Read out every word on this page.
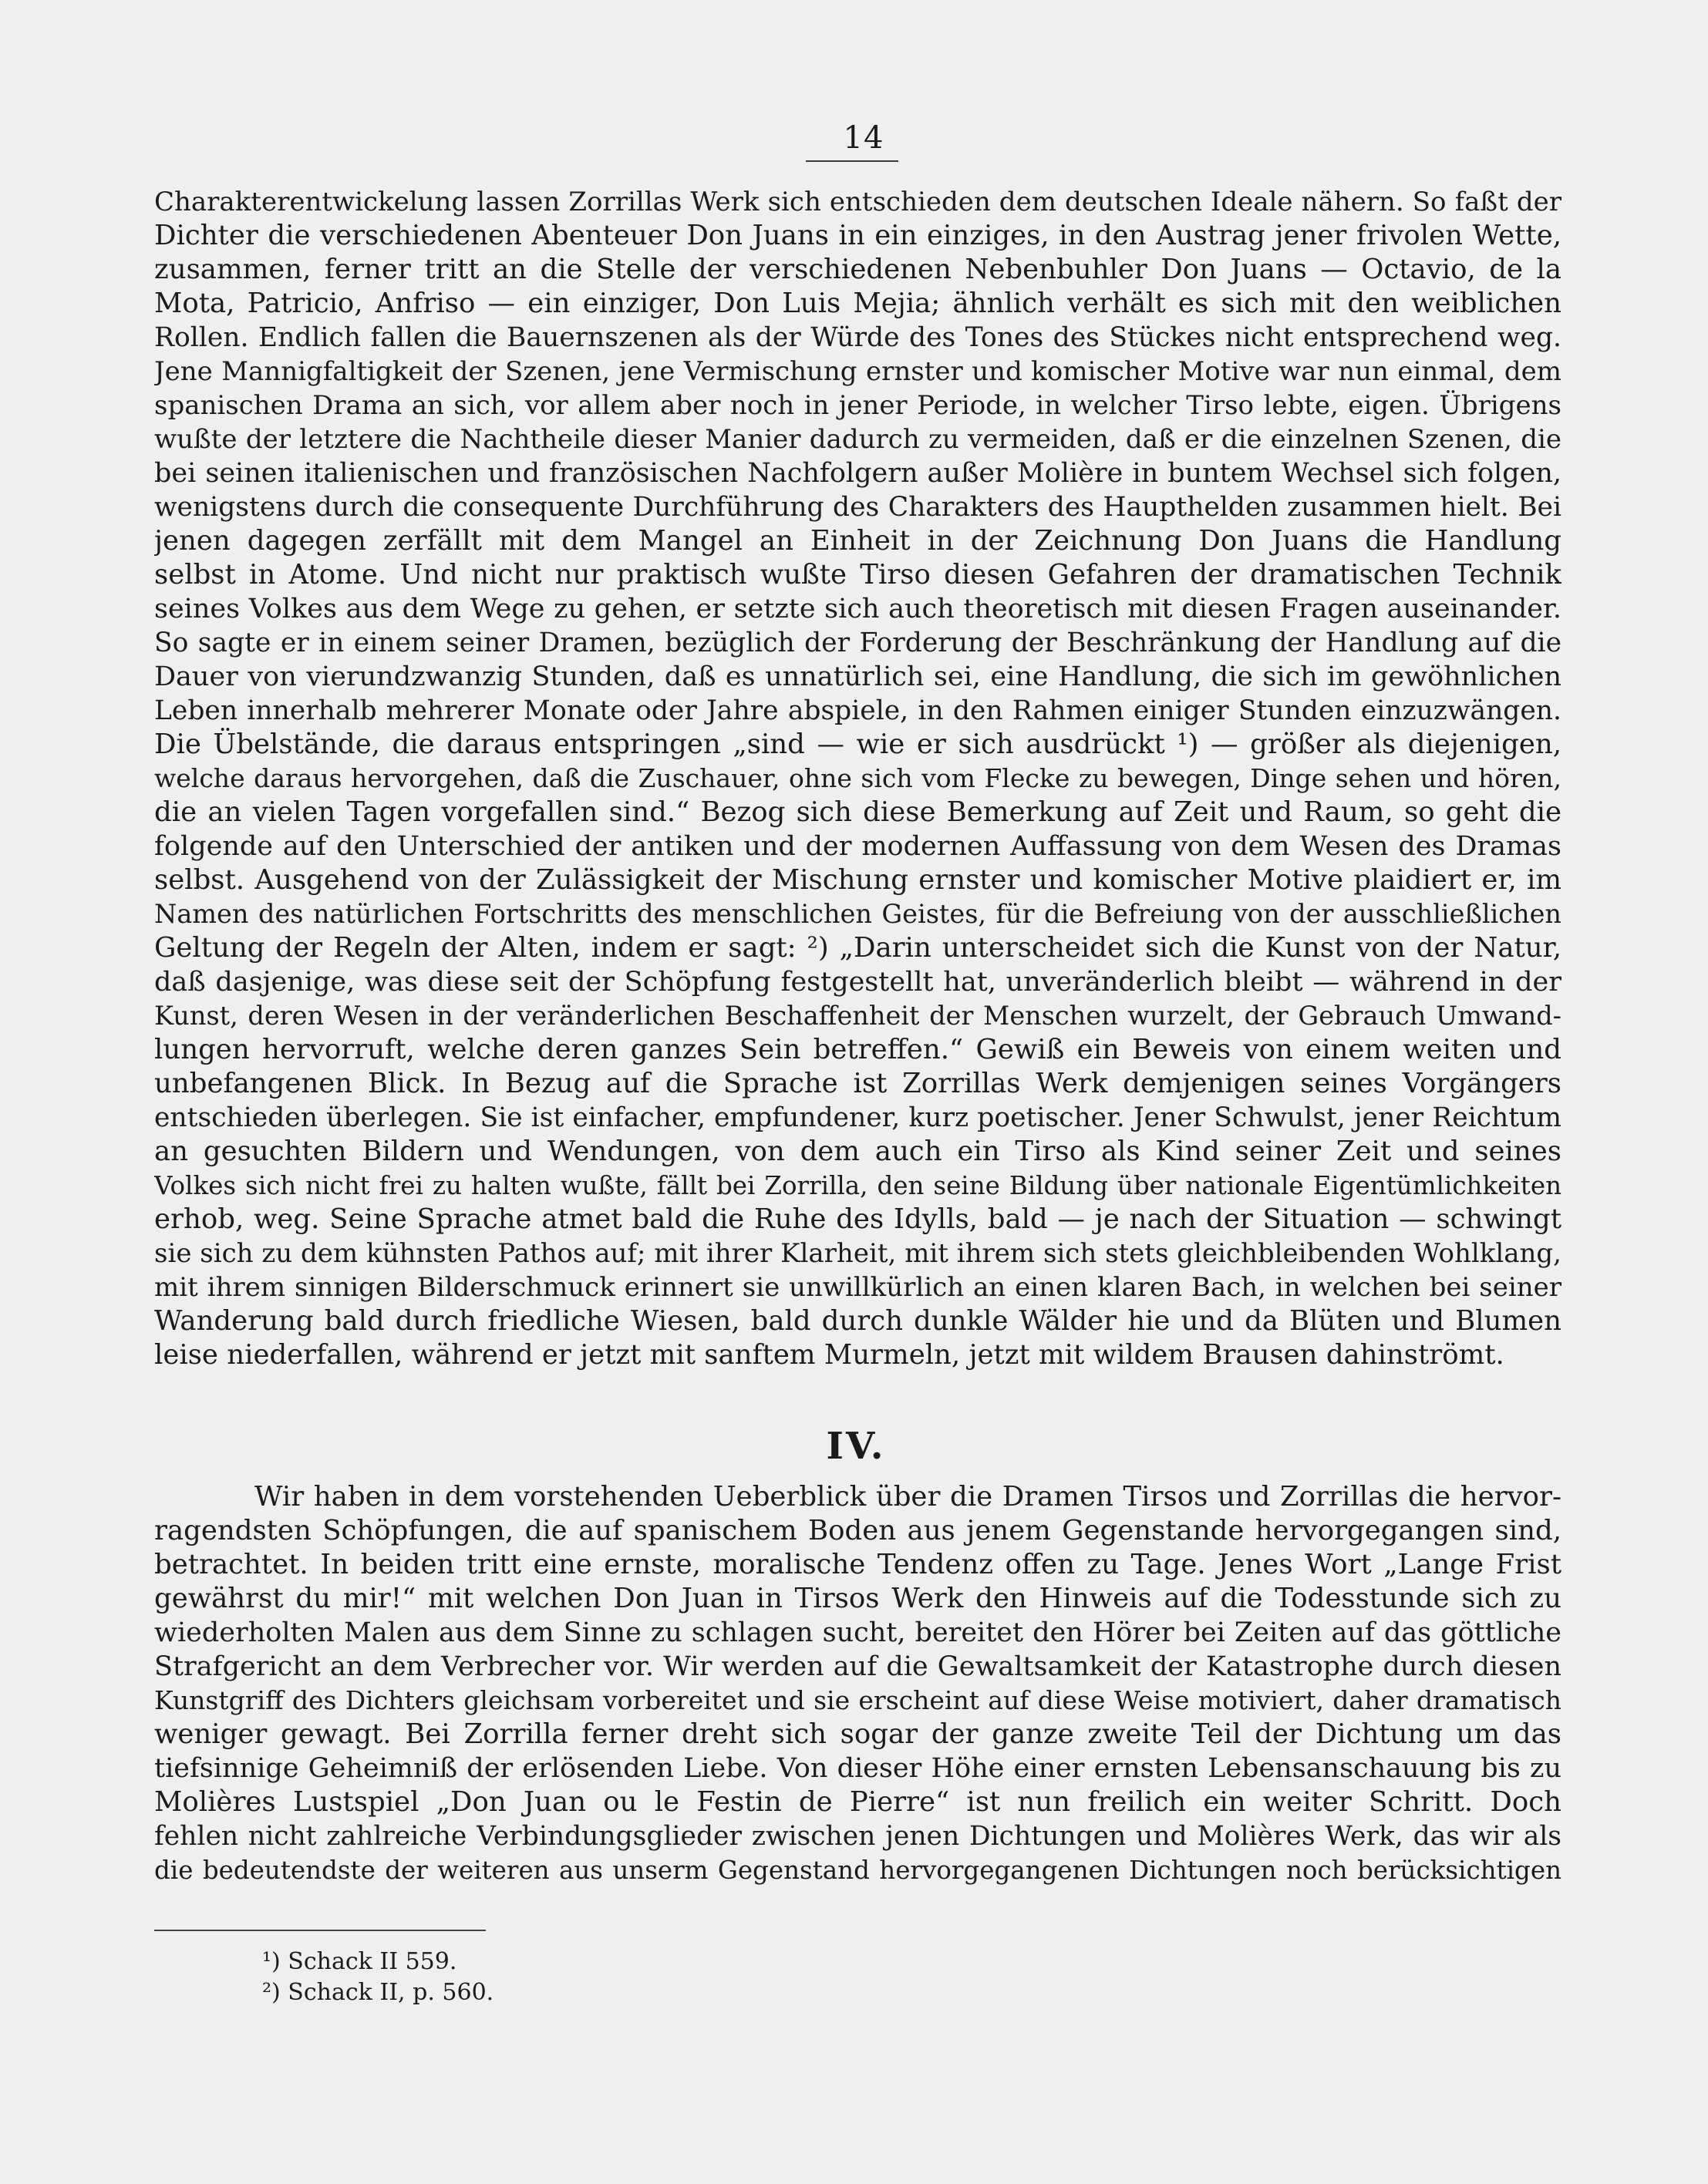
14
Charakterentwickelung lassen Zorrillas Werk sich entschieden dem deutschen Ideale nähern. So faßt der
Dichter die verschiedenen Abenteuer Don Juans in ein einziges, in den Austrag jener frivolen Wette,
zusammen, ferner tritt an die Stelle der verschiedenen Nebenbuhler Don Juans — Octavio, de la
Mota, Patricio, Anfriso — ein einziger, Don Luis Mejia; ähnlich verhält es sich mit den weiblichen
Rollen. Endlich fallen die Bauernszenen als der Würde des Tones des Stückes nicht entsprechend weg.
Jene Mannigfaltigkeit der Szenen, jene Vermischung ernster und komischer Motive war nun einmal, dem
spanischen Drama an sich, vor allem aber noch in jener Periode, in welcher Tirso lebte, eigen. Übrigens
wußte der letztere die Nachtheile dieser Manier dadurch zu vermeiden, daß er die einzelnen Szenen, die
bei seinen italienischen und französischen Nachfolgern außer Molière in buntem Wechsel sich folgen,
wenigstens durch die consequente Durchführung des Charakters des Haupthelden zusammen hielt. Bei
jenen dagegen zerfällt mit dem Mangel an Einheit in der Zeichnung Don Juans die Handlung
selbst in Atome. Und nicht nur praktisch wußte Tirso diesen Gefahren der dramatischen Technik
seines Volkes aus dem Wege zu gehen, er setzte sich auch theoretisch mit diesen Fragen auseinander.
So sagte er in einem seiner Dramen, bezüglich der Forderung der Beschränkung der Handlung auf die
Dauer von vierundzwanzig Stunden, daß es unnatürlich sei, eine Handlung, die sich im gewöhnlichen
Leben innerhalb mehrerer Monate oder Jahre abspiele, in den Rahmen einiger Stunden einzuzwängen.
Die Übelstände, die daraus entspringen „sind — wie er sich ausdrückt ¹) — größer als diejenigen,
welche daraus hervorgehen, daß die Zuschauer, ohne sich vom Flecke zu bewegen, Dinge sehen und hören,
die an vielen Tagen vorgefallen sind.“ Bezog sich diese Bemerkung auf Zeit und Raum, so geht die
folgende auf den Unterschied der antiken und der modernen Auffassung von dem Wesen des Dramas
selbst. Ausgehend von der Zulässigkeit der Mischung ernster und komischer Motive plaidiert er, im
Namen des natürlichen Fortschritts des menschlichen Geistes, für die Befreiung von der ausschließlichen
Geltung der Regeln der Alten, indem er sagt: ²) „Darin unterscheidet sich die Kunst von der Natur,
daß dasjenige, was diese seit der Schöpfung festgestellt hat, unveränderlich bleibt — während in der
Kunst, deren Wesen in der veränderlichen Beschaffenheit der Menschen wurzelt, der Gebrauch Umwand-
lungen hervorruft, welche deren ganzes Sein betreffen.“ Gewiß ein Beweis von einem weiten und
unbefangenen Blick. In Bezug auf die Sprache ist Zorrillas Werk demjenigen seines Vorgängers
entschieden überlegen. Sie ist einfacher, empfundener, kurz poetischer. Jener Schwulst, jener Reichtum
an gesuchten Bildern und Wendungen, von dem auch ein Tirso als Kind seiner Zeit und seines
Volkes sich nicht frei zu halten wußte, fällt bei Zorrilla, den seine Bildung über nationale Eigentümlichkeiten
erhob, weg. Seine Sprache atmet bald die Ruhe des Idylls, bald — je nach der Situation — schwingt
sie sich zu dem kühnsten Pathos auf; mit ihrer Klarheit, mit ihrem sich stets gleichbleibenden Wohlklang,
mit ihrem sinnigen Bilderschmuck erinnert sie unwillkürlich an einen klaren Bach, in welchen bei seiner
Wanderung bald durch friedliche Wiesen, bald durch dunkle Wälder hie und da Blüten und Blumen
leise niederfallen, während er jetzt mit sanftem Murmeln, jetzt mit wildem Brausen dahinströmt.
IV.
Wir haben in dem vorstehenden Ueberblick über die Dramen Tirsos und Zorrillas die hervor-
ragendsten Schöpfungen, die auf spanischem Boden aus jenem Gegenstande hervorgegangen sind,
betrachtet. In beiden tritt eine ernste, moralische Tendenz offen zu Tage. Jenes Wort „Lange Frist
gewährst du mir!“ mit welchen Don Juan in Tirsos Werk den Hinweis auf die Todesstunde sich zu
wiederholten Malen aus dem Sinne zu schlagen sucht, bereitet den Hörer bei Zeiten auf das göttliche
Strafgericht an dem Verbrecher vor. Wir werden auf die Gewaltsamkeit der Katastrophe durch diesen
Kunstgriff des Dichters gleichsam vorbereitet und sie erscheint auf diese Weise motiviert, daher dramatisch
weniger gewagt. Bei Zorrilla ferner dreht sich sogar der ganze zweite Teil der Dichtung um das
tiefsinnige Geheimniß der erlösenden Liebe. Von dieser Höhe einer ernsten Lebensanschauung bis zu
Molières Lustspiel „Don Juan ou le Festin de Pierre“ ist nun freilich ein weiter Schritt. Doch
fehlen nicht zahlreiche Verbindungsglieder zwischen jenen Dichtungen und Molières Werk, das wir als
die bedeutendste der weiteren aus unserm Gegenstand hervorgegangenen Dichtungen noch berücksichtigen
¹) Schack II 559.
²) Schack II, p. 560.
